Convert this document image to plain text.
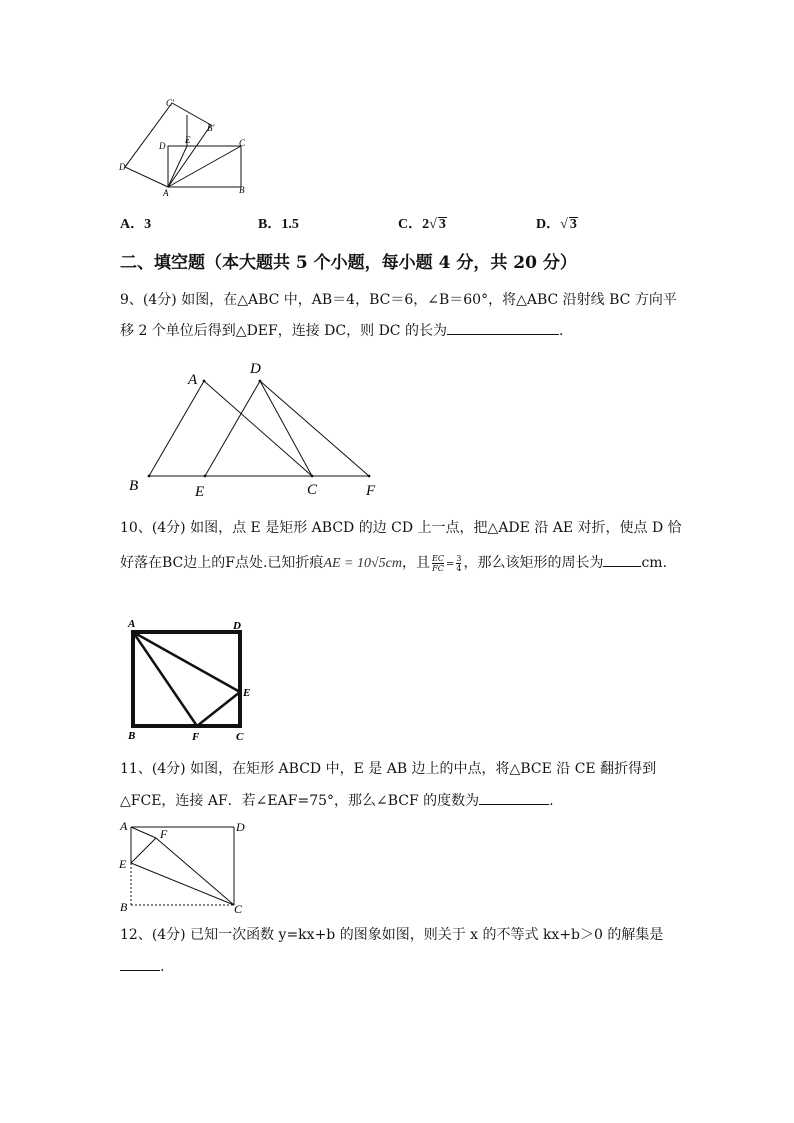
C'
B'
D
E	C
D'
A	B
A．3	B．1.5	C．2√ 3	D．√ 3
二、填空题（本大题共 5 个小题，每小题 4 分，共 20 分）
9、(4分) 如图，在△ABC 中，AB＝4，BC＝6，∠B＝60°，将△ABC 沿射线 BC 方向平
移 2 个单位后得到△DEF，连接 DC，则 DC 的长为	.
A
D
B	E	C	F
10、(4分) 如图，点 E 是矩形 ABCD 的边 CD 上一点，把△ADE 沿 AE 对折，使点 D 恰
好落在BC边上的F点处.已知折痕AE = 10√5cm，且 $\frac{EC}{FC} = \frac{3}{4}$ ，那么该矩形的周长为	cm.
A	D
E
B	F	C
11、(4分) 如图，在矩形 ABCD 中，E 是 AB 边上的中点，将△BCE 沿 CE 翻折得到
△FCE，连接 AF．若∠EAF=75°，那么∠BCF 的度数为	.
A
F	D
E
B	C
12、(4分) 已知一次函数 y=kx+b 的图象如图，则关于 x 的不等式 kx+b＞0 的解集是
.
